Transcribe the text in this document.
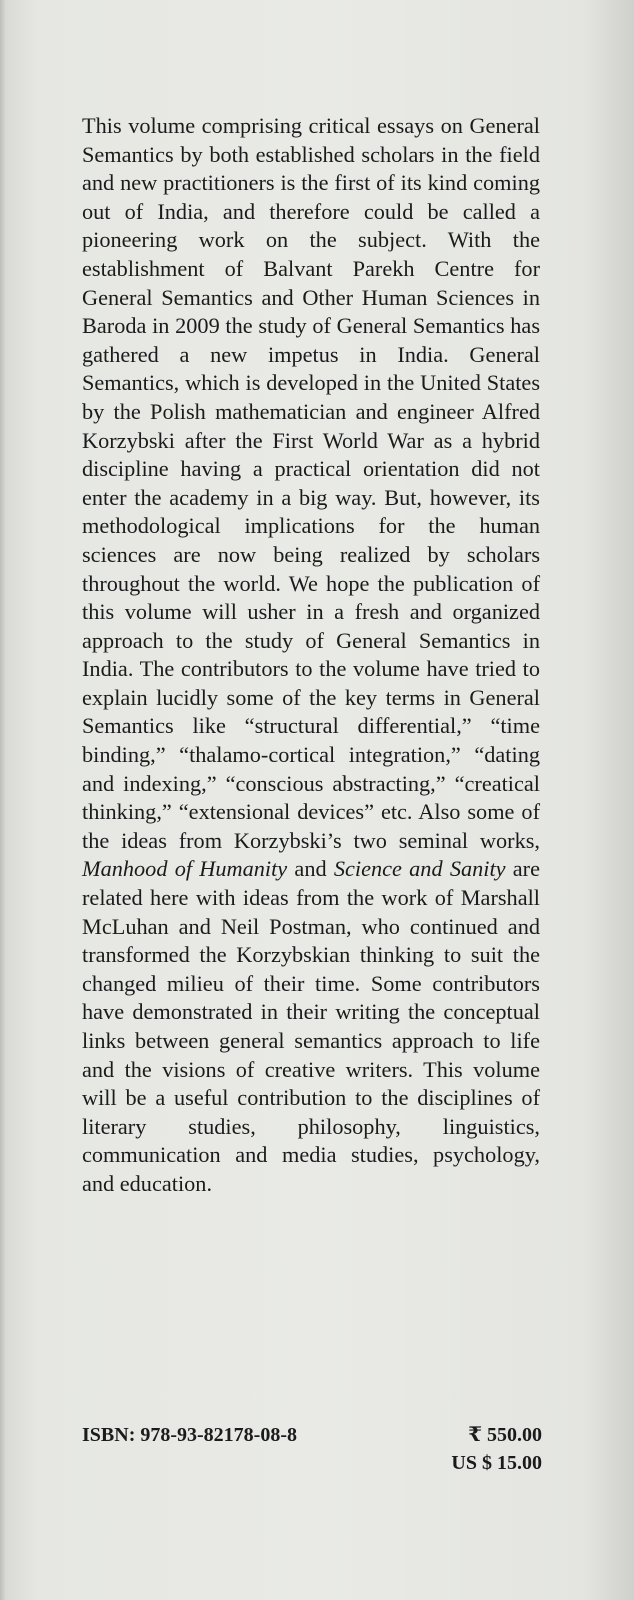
This volume comprising critical essays on General Semantics by both established scholars in the field and new practitioners is the first of its kind coming out of India, and therefore could be called a pioneering work on the subject. With the establishment of Balvant Parekh Centre for General Semantics and Other Human Sciences in Baroda in 2009 the study of General Semantics has gathered a new impetus in India. General Semantics, which is developed in the United States by the Polish mathematician and engineer Alfred Korzybski after the First World War as a hybrid discipline having a practical orientation did not enter the academy in a big way. But, however, its methodological implications for the human sciences are now being realized by scholars throughout the world. We hope the publication of this volume will usher in a fresh and organized approach to the study of General Semantics in India. The contributors to the volume have tried to explain lucidly some of the key terms in General Semantics like “structural differential,” “time binding,” “thalamo-cortical integration,” “dating and indexing,” “conscious abstracting,” “creatical thinking,” “extensional devices” etc. Also some of the ideas from Korzybski’s two seminal works, Manhood of Humanity and Science and Sanity are related here with ideas from the work of Marshall McLuhan and Neil Postman, who continued and transformed the Korzybskian thinking to suit the changed milieu of their time. Some contributors have demonstrated in their writing the conceptual links between general semantics approach to life and the visions of creative writers. This volume will be a useful contribution to the disciplines of literary studies, philosophy, linguistics, communication and media studies, psychology, and education.

ISBN: 978-93-82178-08-8	₹ 550.00
US $ 15.00
